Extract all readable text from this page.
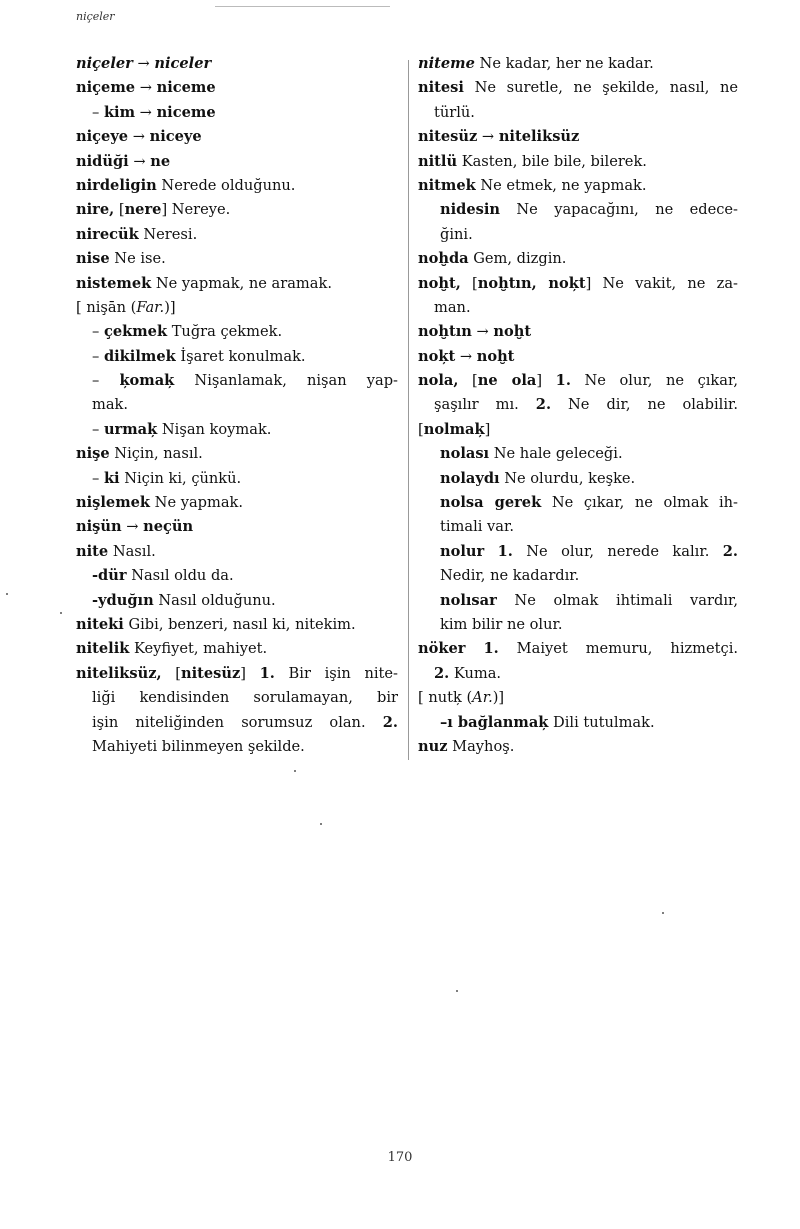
niçeler
niçeler → niceler
niçeme → niceme
– kim → niceme
niçeye → niceye
nidüği → ne
nirdeligin Nerede olduğunu.
nire, [nere] Nereye.
nirecük Neresi.
nise Ne ise.
nistemek Ne yapmak, ne aramak.
[ nişān (Far.)]
– çekmek Tuğra çekmek.
– dikilmek İşaret konulmak.
– ķomaķ Nişanlamak, nişan yap-
mak.
– urmaķ Nişan koymak.
nişe Niçin, nasıl.
– ki Niçin ki, çünkü.
nişlemek Ne yapmak.
nişün → neçün
nite Nasıl.
-dür Nasıl oldu da.
-yduğın Nasıl olduğunu.
niteki Gibi, benzeri, nasıl ki, nitekim.
nitelik Keyfiyet, mahiyet.
niteliksüz, [nitesüz] 1. Bir işin nite-
liği kendisinden sorulamayan, bir
işin niteliğinden sorumsuz olan. 2.
Mahiyeti bilinmeyen şekilde.
niteme Ne kadar, her ne kadar.
nitesi Ne suretle, ne şekilde, nasıl, ne
türlü.
nitesüz → niteliksüz
nitlü Kasten, bile bile, bilerek.
nitmek Ne etmek, ne yapmak.
nidesin Ne yapacağını, ne edece-
ğini.
noḫda Gem, dizgin.
noḫt, [noḫtın, noķt] Ne vakit, ne za-
man.
noḫtın → noḫt
noķt → noḫt
nola, [ne ola] 1. Ne olur, ne çıkar,
şaşılır mı. 2. Ne dir, ne olabilir.
[nolmaķ]
nolası Ne hale geleceği.
nolaydı Ne olurdu, keşke.
nolsa gerek Ne çıkar, ne olmak ih-
timali var.
nolur 1. Ne olur, nerede kalır. 2.
Nedir, ne kadardır.
nolısar Ne olmak ihtimali vardır,
kim bilir ne olur.
nöker 1. Maiyet memuru, hizmetçi.
2. Kuma.
[ nutķ (Ar.)]
–ı bağlanmaķ Dili tutulmak.
nuz Mayhoş.
170
